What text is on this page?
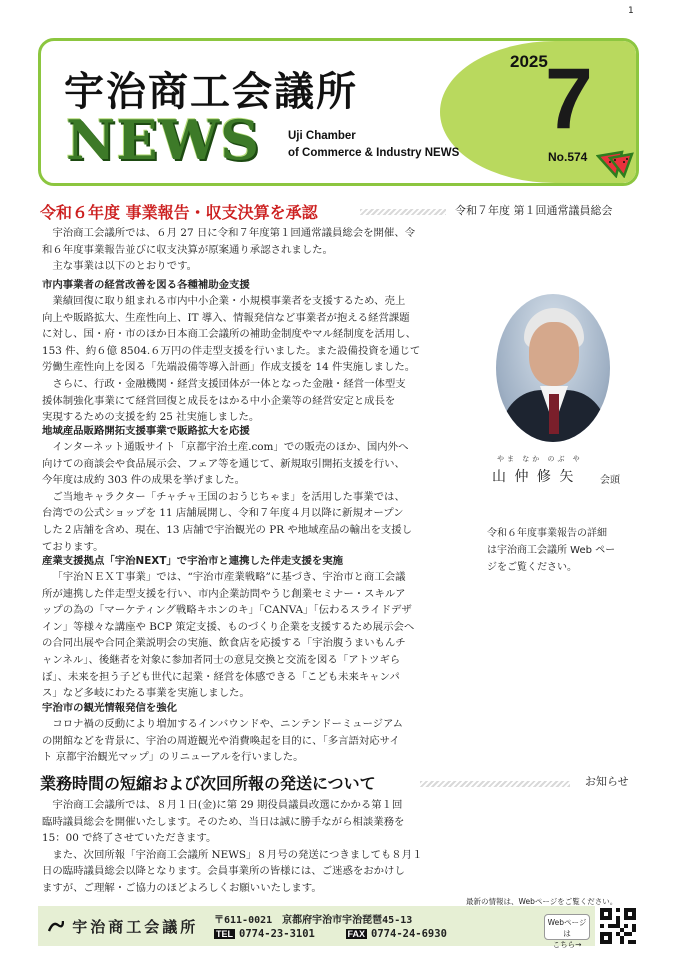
1
宇治商工会議所
NEWS Uji Chamber
of Commerce & Industry NEWS
2025
7
No.574
令和６年度 事業報告・収支決算を承認	令和７年度 第１回通常議員総会

宇治商工会議所では、６月 27 日に令和７年度第１回通常議員総会を開催、令

和６年度事業報告並びに収支決算が原案通り承認されました。

主な事業は以下のとおりです。

市内事業者の経営改善を図る各種補助金支援

業績回復に取り組まれる市内中小企業・小規模事業者を支援するため、売上

向上や販路拡大、生産性向上、IT 導入、情報発信など事業者が抱える経営課題

に対し、国・府・市のほか日本商工会議所の補助金制度やマル経制度を活用し、

153 件、約６億 8504.６万円の伴走型支援を行いました。また設備投資を通じて

労働生産性向上を図る「先端設備等導入計画」作成支援を 14 件実施しました。

さらに、行政・金融機関・経営支援団体が一体となった金融・経営一体型支

援体制強化事業にて経営回復と成長をはかる中小企業等の経営安定と成長を

実現するための支援を約 25 社実施しました。

地域産品販路開拓支援事業で販路拡大を応援

インターネット通販サイト「京都宇治土産.com」での販売のほか、国内外へ

向けての商談会や食品展示会、フェア等を通じて、新規取引開拓支援を行い、

今年度は成約 303 件の成果を挙げました。

ご当地キャラクター「チャチャ王国のおうじちゃま」を活用した事業では、

台湾での公式ショップを 11 店舗展開し、令和７年度４月以降に新規オープン

した２店舗を含め、現在、13 店舗で宇治観光の PR や地域産品の輸出を支援し

ております。

産業支援拠点「宇治NEXT」で宇治市と連携した伴走支援を実施

「宇治ＮＥＸＴ事業」では、“宇治市産業戦略”に基づき、宇治市と商工会議

所が連携した伴走型支援を行い、市内企業訪問やうじ創業セミナー・スキルア

ップの為の「マーケティング戦略キホンのキ」「CANVA」「伝わるスライドデザ

イン」等様々な講座や BCP 策定支援、ものづくり企業を支援するため展示会へ

の合同出展や合同企業説明会の実施、飲食店を応援する「宇治腹うまいもんチ

ャンネル」、後継者を対象に参加者同士の意見交換と交流を図る「アトツギら

ぼ」、未来を担う子ども世代に起業・経営を体感できる「こども未来キャンパ

ス」など多岐にわたる事業を実施しました。

宇治市の観光情報発信を強化

コロナ禍の反動により増加するインバウンドや、ニンテンドーミュージアム

の開館などを背景に、宇治の周遊観光や消費喚起を目的に、「多言語対応サイ

ト 京都宇治観光マップ」のリニューアルを行いました。

やま なか のぶ や
山 仲 修 矢 会頭
令和６年度事業報告の詳細
は宇治商工会議所 Web ペー
ジをご覧ください。
業務時間の短縮および次回所報の発送について	お知らせ

宇治商工会議所では、８月１日(金)に第 29 期役員議員改選にかかる第１回

臨時議員総会を開催いたします。そのため、当日は誠に勝手ながら相談業務を

15：00 で終了させていただきます。

また、次回所報「宇治商工会議所 NEWS」８月号の発送につきましても８月１

日の臨時議員総会以降となります。会員事業所の皆様には、ご迷惑をおかけし

ますが、ご理解・ご協力のほどよろしくお願いいたします。

最新の情報は、Webページをご覧ください。
宇治商工会議所 〒611-0021　京都府宇治市宇治琵琶45-13
TEL 0774-23-3101	FAX 0774-24-6930
Webページは
こちら→
